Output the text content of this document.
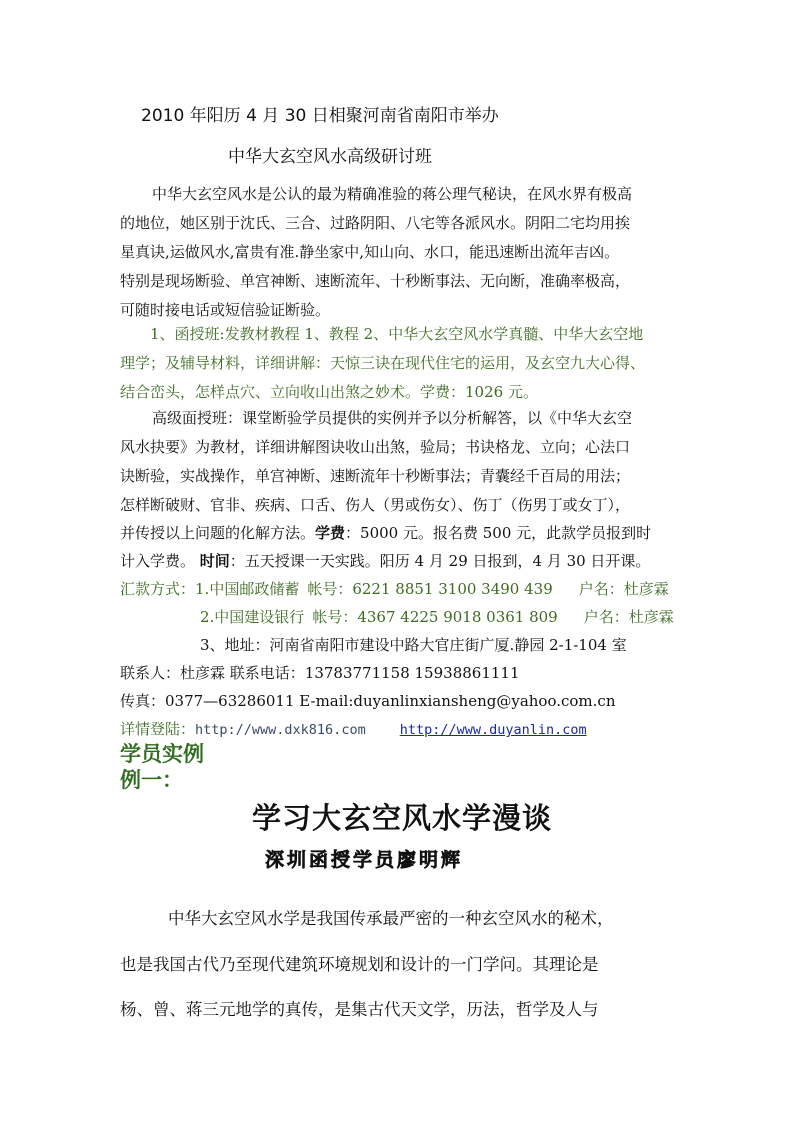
2010 年阳历 4 月 30 日相聚河南省南阳市举办
中华大玄空风水高级研讨班
中华大玄空风水是公认的最为精确准验的蒋公理气秘诀，在风水界有极高
的地位，她区别于沈氏、三合、过路阴阳、八宅等各派风水。阴阳二宅均用挨
星真诀,运做风水,富贵有准.静坐家中,知山向、水口，能迅速断出流年吉凶。
特别是现场断验、单宫神断、速断流年、十秒断事法、无向断，准确率极高，
可随时接电话或短信验证断验。
1、函授班:发教材教程 1、教程 2、中华大玄空风水学真髓、中华大玄空地
理学；及辅导材料，详细讲解：天惊三诀在现代住宅的运用，及玄空九大心得、
结合峦头，怎样点穴、立向收山出煞之妙术。学费：1026 元。
高级面授班：课堂断验学员提供的实例并予以分析解答，以《中华大玄空
风水抉要》为教材，详细讲解图诀收山出煞，验局；书诀格龙、立向；心法口
诀断验，实战操作，单宫神断、速断流年十秒断事法；青囊经千百局的用法；
怎样断破财、官非、疾病、口舌、伤人（男或伤女）、伤丁（伤男丁或女丁），
并传授以上问题的化解方法。学费：5000 元。报名费 500 元，此款学员报到时
计入学费。 时间：五天授课一天实践。阳历 4 月 29 日报到，4 月 30 日开课。
汇款方式：1.中国邮政储蓄 帐号：6221 8851 3100 3490 439 户名：杜彦霖
2.中国建设银行 帐号：4367 4225 9018 0361 809 户名：杜彦霖
3、地址：河南省南阳市建设中路大官庄街广厦.静园 2-1-104 室
联系人：杜彦霖 联系电话：13783771158 15938861111
传真：0377—63286011 E-mail:duyanlinxiansheng@yahoo.com.cn
详情登陆：http://www.dxk816.com	http://www.duyanlin.com
学员实例
例一：
学习大玄空风水学漫谈
深圳函授学员廖明辉
中华大玄空风水学是我国传承最严密的一种玄空风水的秘术，
也是我国古代乃至现代建筑环境规划和设计的一门学问。其理论是
杨、曾、蒋三元地学的真传，是集古代天文学，历法，哲学及人与
